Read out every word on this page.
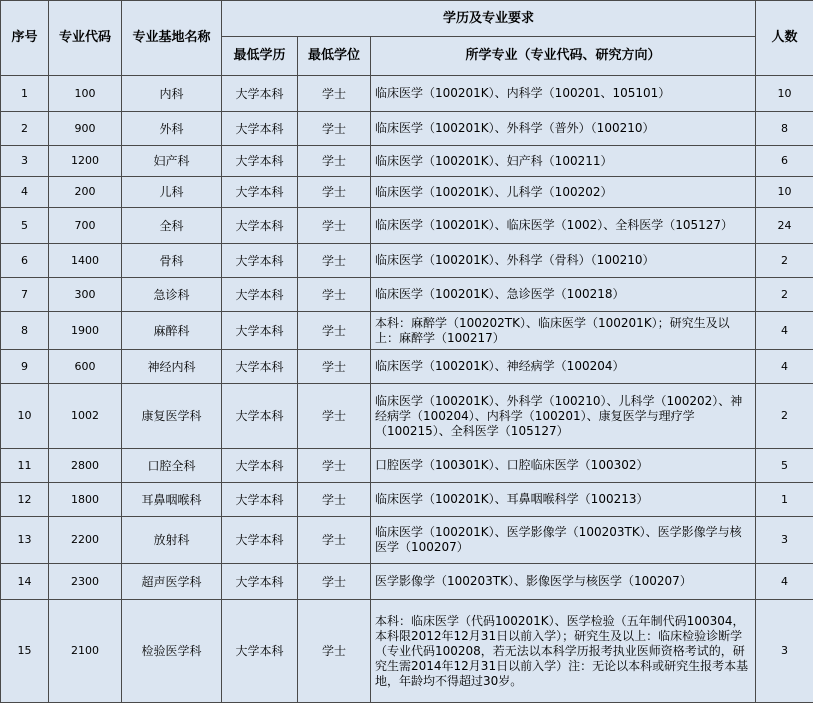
序号	专业代码	专业基地名称	学历及专业要求			人数
			最低学历	最低学位	所学专业（专业代码、研究方向）	
1	100	内科	大学本科	学士	临床医学（100201K）、内科学（100201、105101）	10
2	900	外科	大学本科	学士	临床医学（100201K）、外科学（普外）（100210）	8
3	1200	妇产科	大学本科	学士	临床医学（100201K）、妇产科（100211）	6
4	200	儿科	大学本科	学士	临床医学（100201K）、儿科学（100202）	10
5	700	全科	大学本科	学士	临床医学（100201K）、临床医学（1002）、全科医学（105127）	24
6	1400	骨科	大学本科	学士	临床医学（100201K）、外科学（骨科）（100210）	2
7	300	急诊科	大学本科	学士	临床医学（100201K）、急诊医学（100218）	2
8	1900	麻醉科	大学本科	学士	本科：麻醉学（100202TK）、临床医学（100201K）；研究生及以上：麻醉学（100217）	4
9	600	神经内科	大学本科	学士	临床医学（100201K）、神经病学（100204）	4
10	1002	康复医学科	大学本科	学士	临床医学（100201K）、外科学（100210）、儿科学（100202）、神经病学（100204）、内科学（100201）、康复医学与理疗学（100215）、全科医学（105127）	2
11	2800	口腔全科	大学本科	学士	口腔医学（100301K）、口腔临床医学（100302）	5
12	1800	耳鼻咽喉科	大学本科	学士	临床医学（100201K）、耳鼻咽喉科学（100213）	1
13	2200	放射科	大学本科	学士	临床医学（100201K）、医学影像学（100203TK）、医学影像学与核医学（100207）	3
14	2300	超声医学科	大学本科	学士	医学影像学（100203TK）、影像医学与核医学（100207）	4
15	2100	检验医学科	大学本科	学士	本科：临床医学（代码100201K）、医学检验（五年制代码100304，本科限2012年12月31日以前入学）；研究生及以上：临床检验诊断学（专业代码100208，若无法以本科学历报考执业医师资格考试的，研究生需2014年12月31日以前入学）注：无论以本科或研究生报考本基地，年龄均不得超过30岁。	3
